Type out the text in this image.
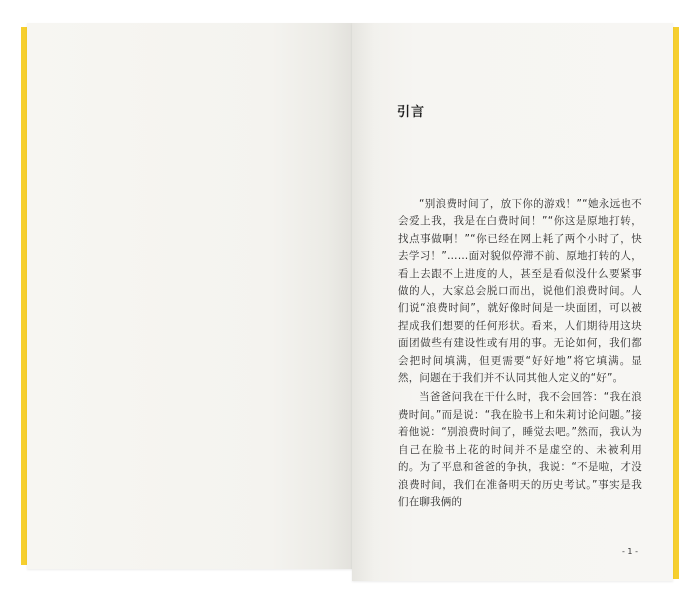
引言

“别浪费时间了，放下你的游戏！”“她永远也不会爱上我，我是在白费时间！”“你这是原地打转，找点事做啊！”“你已经在网上耗了两个小时了，快去学习！”……面对貌似停滞不前、原地打转的人，看上去跟不上进度的人，甚至是看似没什么要紧事做的人，大家总会脱口而出，说他们浪费时间。人们说“浪费时间”，就好像时间是一块面团，可以被捏成我们想要的任何形状。看来，人们期待用这块面团做些有建设性或有用的事。无论如何，我们都会把时间填满，但更需要“好好地”将它填满。显然，问题在于我们并不认同其他人定义的“好”。

当爸爸问我在干什么时，我不会回答：“我在浪费时间。”而是说：“我在脸书上和朱莉讨论问题。”接着他说：“别浪费时间了，睡觉去吧。”然而，我认为自己在脸书上花的时间并不是虚空的、未被利用的。为了平息和爸爸的争执，我说：“不是啦，才没浪费时间，我们在准备明天的历史考试。”事实是我们在聊我俩的

- 1 -
